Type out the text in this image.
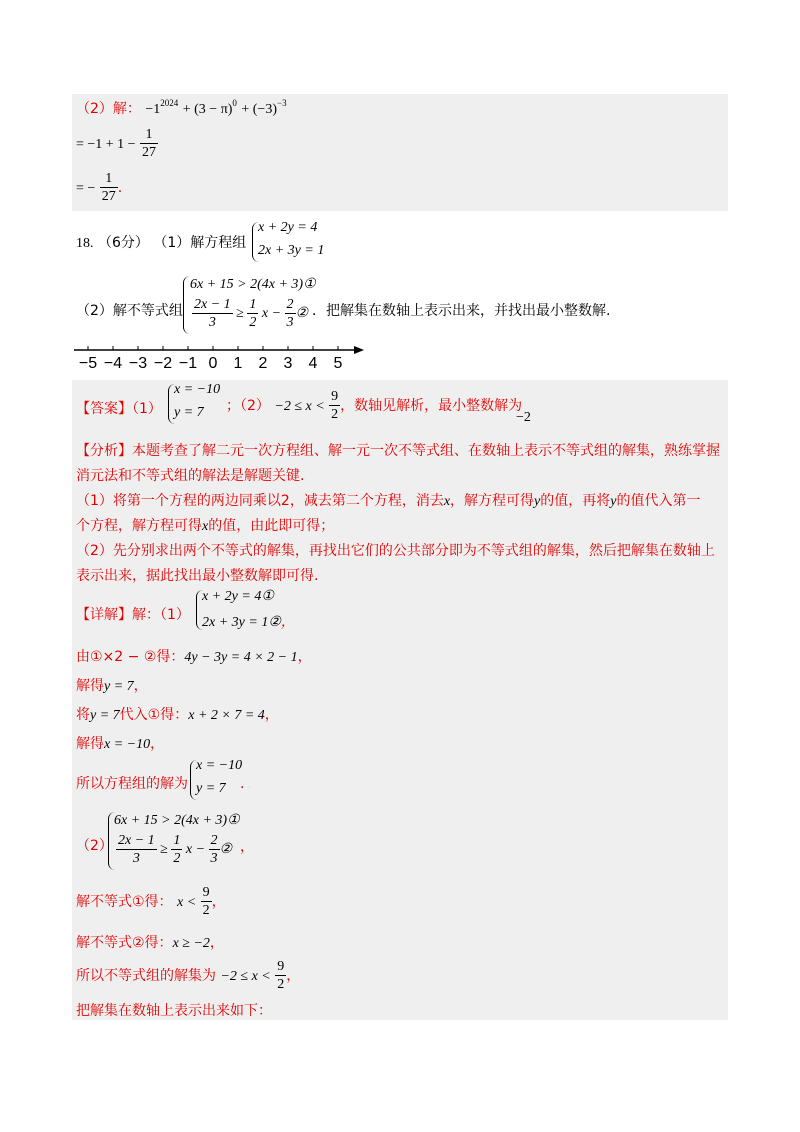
（2）解： $-1^{2024} + (3 - \pi)^0 + (-3)^{-3}$
= $-1 + 1 - \frac{1}{27}$
= − $\frac{1}{27}$ .
18. （6分） （1）解方程组
x + 2y = 4
2x + 3y = 1
（2）解不等式组
6x + 15 > 2(4x + 3)①
$\frac{2x - 1}{3} \ge \frac{1}{2}$ $x - \frac{2}{3}$ ② ．把解集在数轴上表示出来，并找出最小整数解.
−5 −4 −3 −2 −1 0 1 2 3 4 5
【答案】（1）
x = −10
y = 7 ；$(2) -2 \le x < \frac{9}{2}$ ，数轴见解析，最小整数解为
−2
【分析】本题考查了解二元一次方程组、解一元一次不等式组、在数轴上表示不等式组的解集，熟练掌握
消元法和不等式组的解法是解题关键.
（1）将第一个方程的两边同乘以2，减去第二个方程，消去x，解方程可得y的值，再将y的值代入第一
个方程，解方程可得x的值，由此即可得；
（2）先分别求出两个不等式的解集，再找出它们的公共部分即为不等式组的解集，然后把解集在数轴上
表示出来，据此找出最小整数解即可得.
【详解】解：（1）
x + 2y = 4①
2x + 3y = 1②，
由①×2 − ②得：4y − 3y = 4 × 2 − 1，
解得y = 7，
将y = 7代入①得：x + 2 × 7 = 4，
解得x = −10，
所以方程组的解为
x = −10
y = 7 .
（2）
6x + 15 > 2(4x + 3)①
$\frac{2x - 1}{3} \ge \frac{1}{2}$ $x - \frac{2}{3}$ ② ，
解不等式①得： $x < \frac{9}{2}$ ，
解不等式②得：x ≥ −2，
所以不等式组的解集为 $-2 \le x < \frac{9}{2}$ ，
把解集在数轴上表示出来如下：
